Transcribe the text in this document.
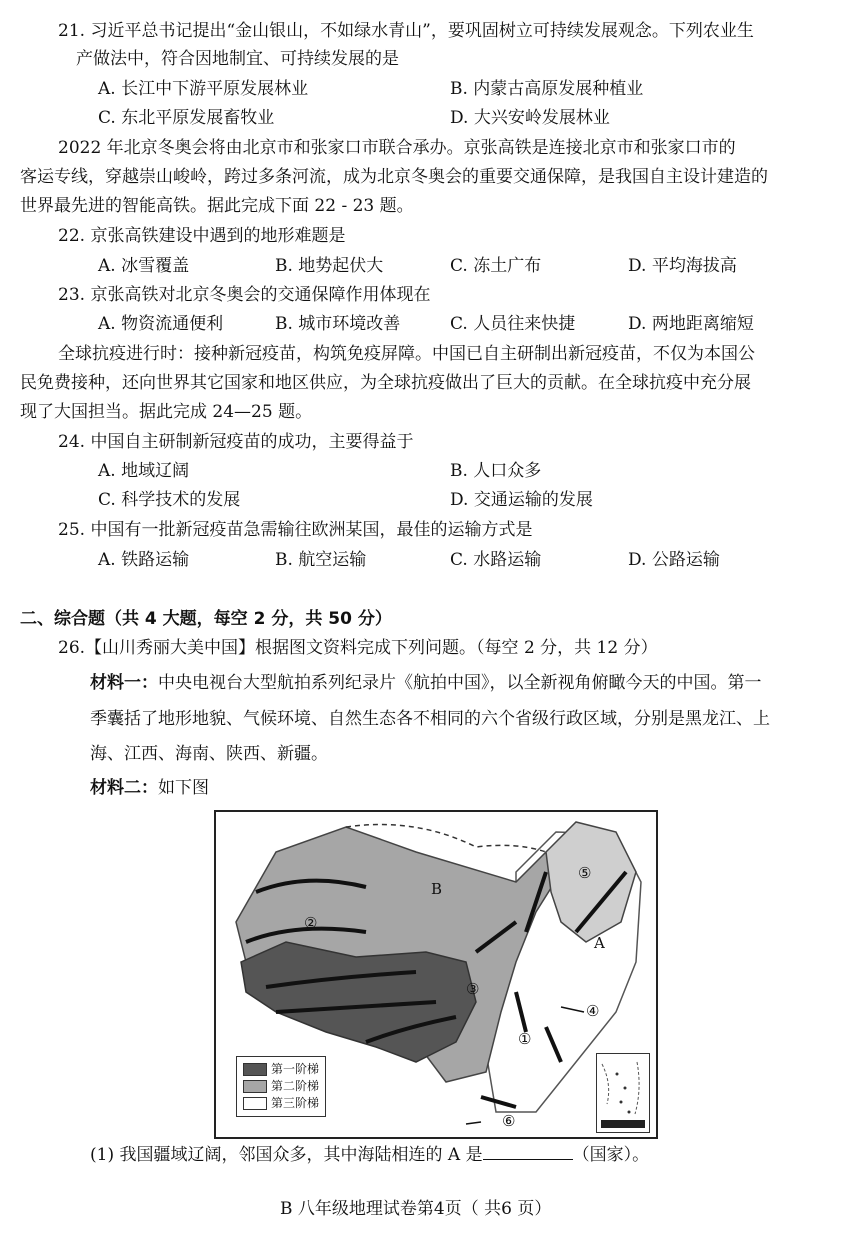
21. 习近平总书记提出“金山银山，不如绿水青山”，要巩固树立可持续发展观念。下列农业生
产做法中，符合因地制宜、可持续发展的是
A. 长江中下游平原发展林业	B. 内蒙古高原发展种植业
C. 东北平原发展畜牧业	D. 大兴安岭发展林业
2022 年北京冬奥会将由北京市和张家口市联合承办。京张高铁是连接北京市和张家口市的
客运专线，穿越崇山峻岭，跨过多条河流，成为北京冬奥会的重要交通保障，是我国自主设计建造的
世界最先进的智能高铁。据此完成下面 22 - 23 题。
22. 京张高铁建设中遇到的地形难题是
A. 冰雪覆盖	B. 地势起伏大	C. 冻土广布	D. 平均海拔高
23. 京张高铁对北京冬奥会的交通保障作用体现在
A. 物资流通便利	B. 城市环境改善	C. 人员往来快捷	D. 两地距离缩短
全球抗疫进行时：接种新冠疫苗，构筑免疫屏障。中国已自主研制出新冠疫苗，不仅为本国公
民免费接种，还向世界其它国家和地区供应，为全球抗疫做出了巨大的贡献。在全球抗疫中充分展
现了大国担当。据此完成 24—25 题。
24. 中国自主研制新冠疫苗的成功，主要得益于
A. 地域辽阔	B. 人口众多
C. 科学技术的发展	D. 交通运输的发展
25. 中国有一批新冠疫苗急需输往欧洲某国，最佳的运输方式是
A. 铁路运输	B. 航空运输	C. 水路运输	D. 公路运输
二、综合题（共 4 大题，每空 2 分，共 50 分）
26.【山川秀丽大美中国】根据图文资料完成下列问题。（每空 2 分，共 12 分）
材料一：中央电视台大型航拍系列纪录片《航拍中国》，以全新视角俯瞰今天的中国。第一
季囊括了地形地貌、气候环境、自然生态各不相同的六个省级行政区域，分别是黑龙江、上
海、江西、海南、陕西、新疆。
材料二：如下图
B
②
⑤
A
③
④
①
⑥
第一阶梯
第二阶梯
第三阶梯
(1) 我国疆域辽阔，邻国众多，其中海陆相连的 A 是	（国家）。
B 八年级地理试卷第4页（ 共6 页）
